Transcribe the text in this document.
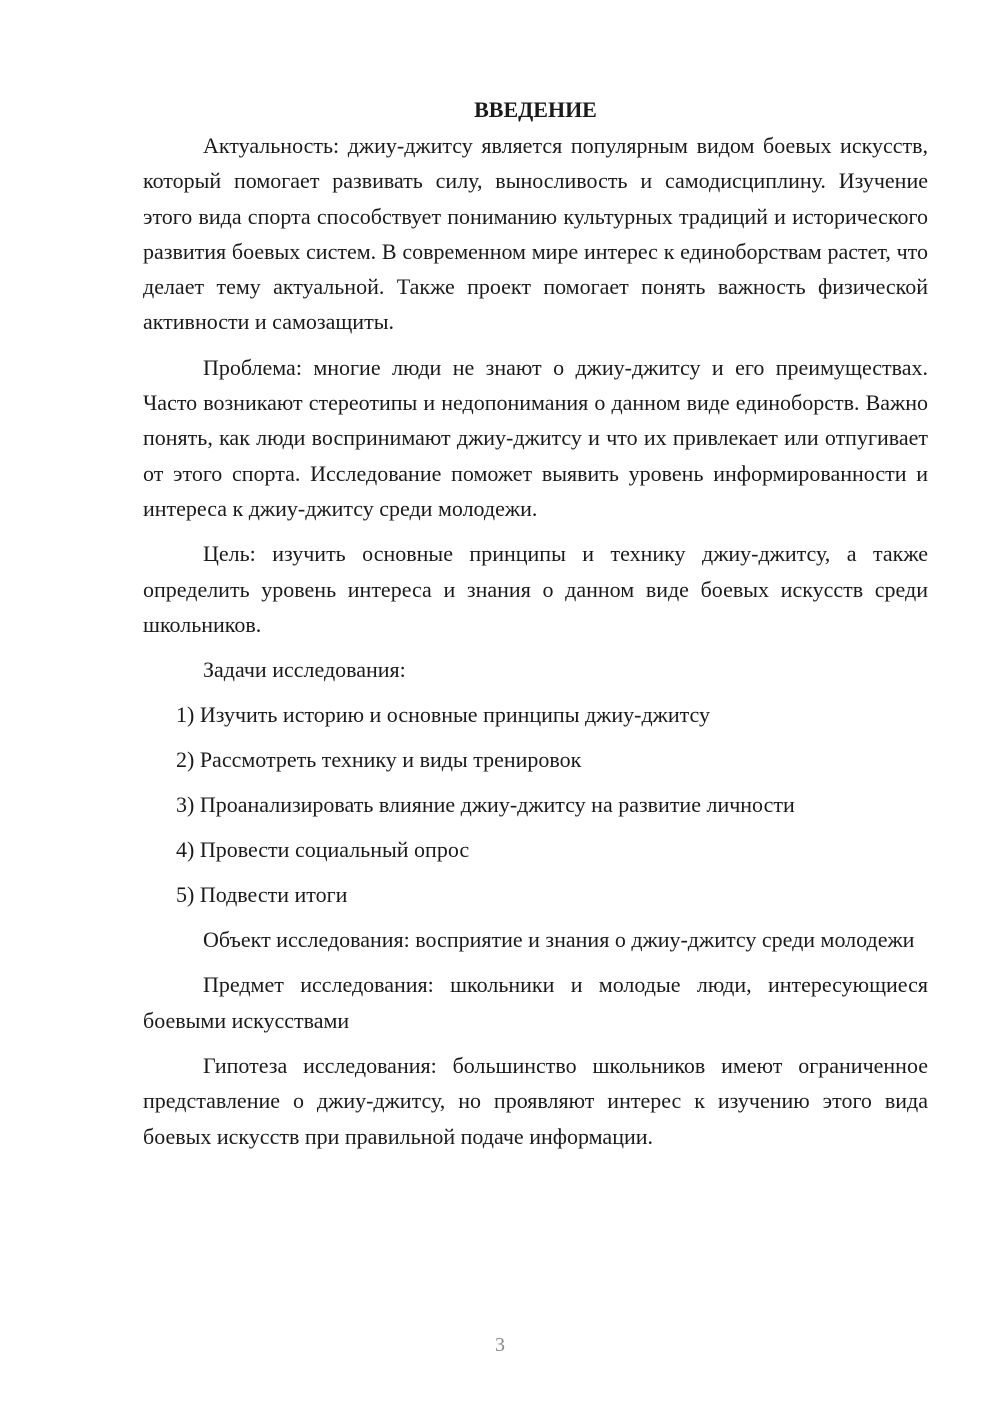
ВВЕДЕНИЕ

Актуальность: джиу-джитсу является популярным видом боевых искусств, который помогает развивать силу, выносливость и самодисциплину. Изучение этого вида спорта способствует пониманию культурных традиций и исторического развития боевых систем. В современном мире интерес к единоборствам растет, что делает тему актуальной. Также проект помогает понять важность физической активности и самозащиты.

Проблема: многие люди не знают о джиу-джитсу и его преимуществах. Часто возникают стереотипы и недопонимания о данном виде единоборств. Важно понять, как люди воспринимают джиу-джитсу и что их привлекает или отпугивает от этого спорта. Исследование поможет выявить уровень информированности и интереса к джиу-джитсу среди молодежи.

Цель: изучить основные принципы и технику джиу-джитсу, а также определить уровень интереса и знания о данном виде боевых искусств среди школьников.

Задачи исследования:

1) Изучить историю и основные принципы джиу-джитсу

2) Рассмотреть технику и виды тренировок

3) Проанализировать влияние джиу-джитсу на развитие личности

4) Провести социальный опрос

5) Подвести итоги

Объект исследования: восприятие и знания о джиу-джитсу среди молодежи

Предмет исследования: школьники и молодые люди, интересующиеся боевыми искусствами

Гипотеза исследования: большинство школьников имеют ограниченное представление о джиу-джитсу, но проявляют интерес к изучению этого вида боевых искусств при правильной подаче информации.

3
